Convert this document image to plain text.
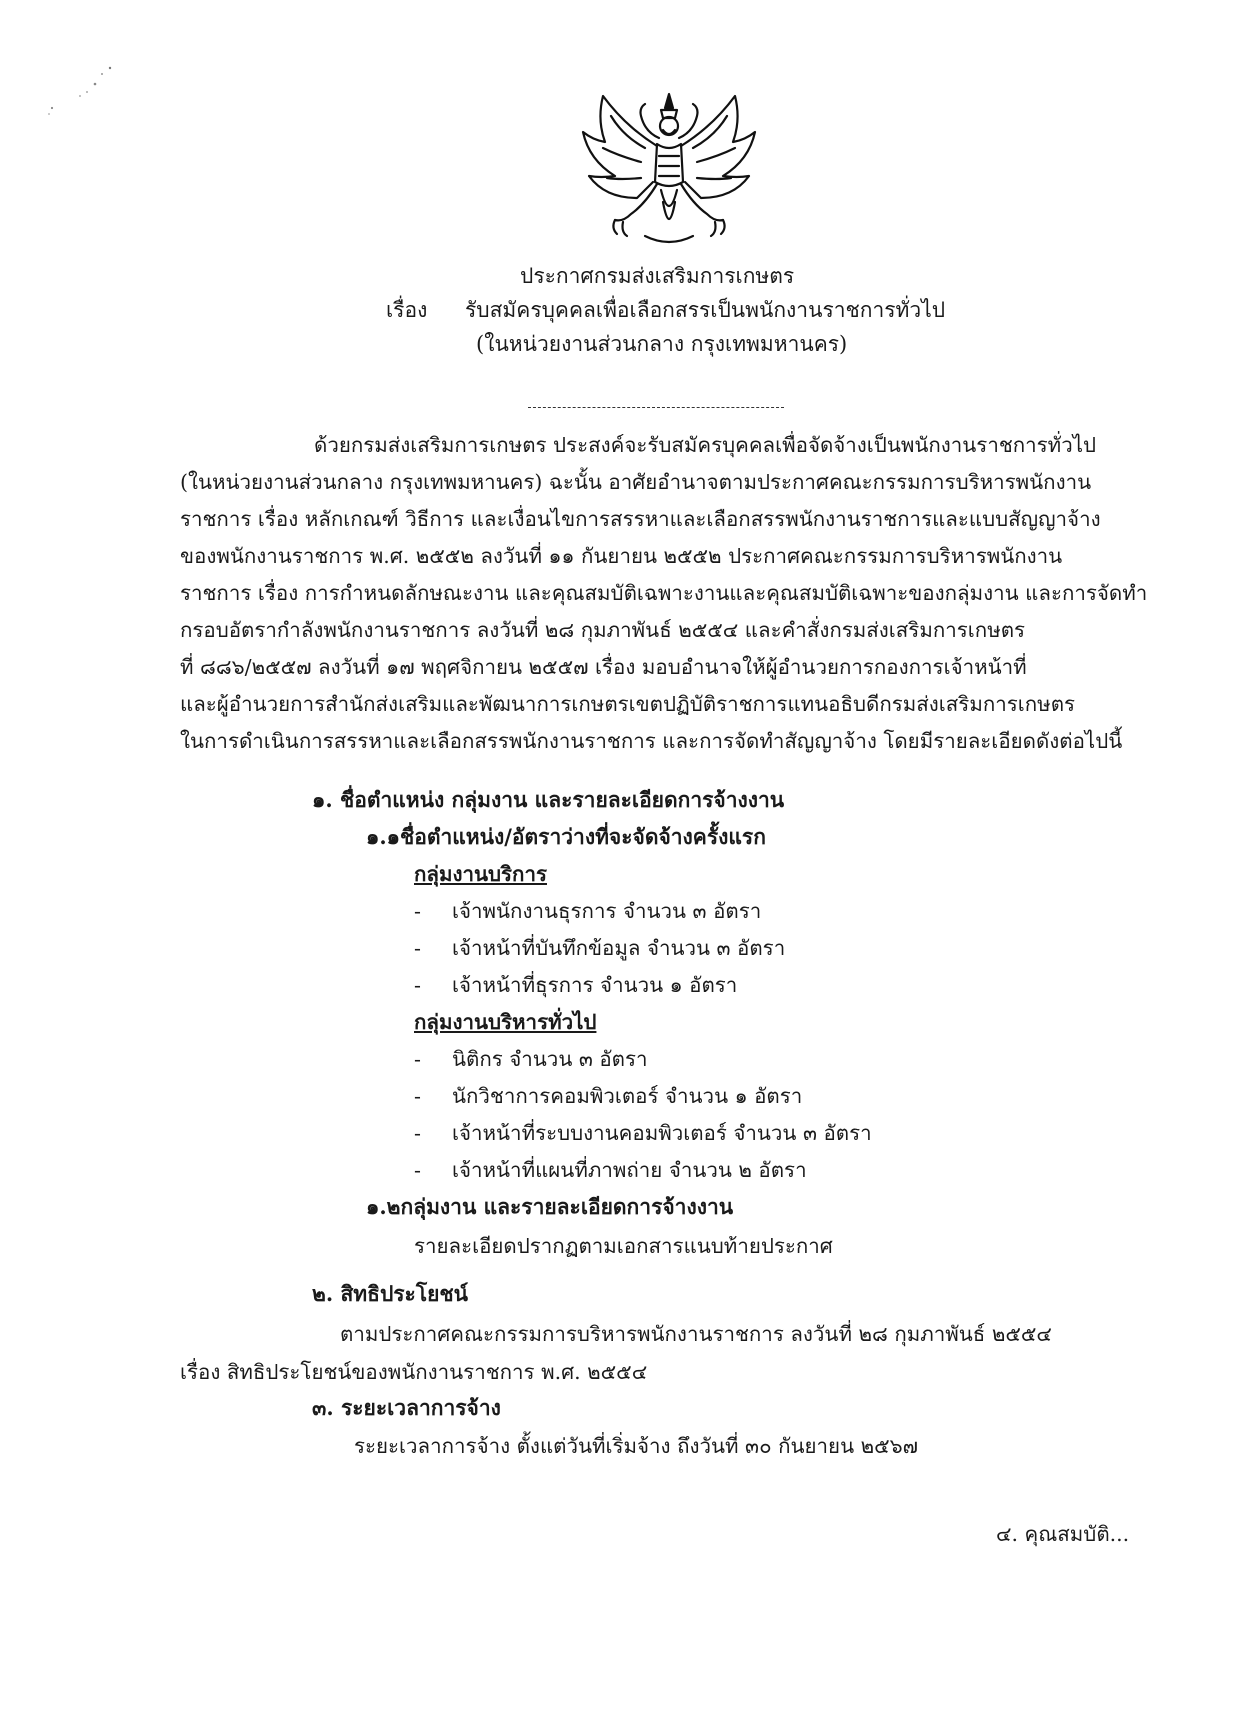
ประกาศกรมส่งเสริมการเกษตร
เรื่อง รับสมัครบุคคลเพื่อเลือกสรรเป็นพนักงานราชการทั่วไป
(ในหน่วยงานส่วนกลาง กรุงเทพมหานคร)
ด้วยกรมส่งเสริมการเกษตร ประสงค์จะรับสมัครบุคคลเพื่อจัดจ้างเป็นพนักงานราชการทั่วไป
(ในหน่วยงานส่วนกลาง กรุงเทพมหานคร) ฉะนั้น อาศัยอำนาจตามประกาศคณะกรรมการบริหารพนักงาน
ราชการ เรื่อง หลักเกณฑ์ วิธีการ และเงื่อนไขการสรรหาและเลือกสรรพนักงานราชการและแบบสัญญาจ้าง
ของพนักงานราชการ พ.ศ. ๒๕๕๒ ลงวันที่ ๑๑ กันยายน ๒๕๕๒ ประกาศคณะกรรมการบริหารพนักงาน
ราชการ เรื่อง การกำหนดลักษณะงาน และคุณสมบัติเฉพาะงานและคุณสมบัติเฉพาะของกลุ่มงาน และการจัดทำ
กรอบอัตรากำลังพนักงานราชการ ลงวันที่ ๒๘ กุมภาพันธ์ ๒๕๕๔ และคำสั่งกรมส่งเสริมการเกษตร
ที่ ๘๘๖/๒๕๕๗ ลงวันที่ ๑๗ พฤศจิกายน ๒๕๕๗ เรื่อง มอบอำนาจให้ผู้อำนวยการกองการเจ้าหน้าที่
และผู้อำนวยการสำนักส่งเสริมและพัฒนาการเกษตรเขตปฏิบัติราชการแทนอธิบดีกรมส่งเสริมการเกษตร
ในการดำเนินการสรรหาและเลือกสรรพนักงานราชการ และการจัดทำสัญญาจ้าง โดยมีรายละเอียดดังต่อไปนี้
๑. ชื่อตำแหน่ง กลุ่มงาน และรายละเอียดการจ้างงาน
๑.๑ชื่อตำแหน่ง/อัตราว่างที่จะจัดจ้างครั้งแรก
กลุ่มงานบริการ
- เจ้าพนักงานธุรการ จำนวน ๓ อัตรา
- เจ้าหน้าที่บันทึกข้อมูล จำนวน ๓ อัตรา
- เจ้าหน้าที่ธุรการ จำนวน ๑ อัตรา
กลุ่มงานบริหารทั่วไป
- นิติกร จำนวน ๓ อัตรา
- นักวิชาการคอมพิวเตอร์ จำนวน ๑ อัตรา
- เจ้าหน้าที่ระบบงานคอมพิวเตอร์ จำนวน ๓ อัตรา
- เจ้าหน้าที่แผนที่ภาพถ่าย จำนวน ๒ อัตรา
๑.๒กลุ่มงาน และรายละเอียดการจ้างงาน
รายละเอียดปรากฏตามเอกสารแนบท้ายประกาศ
๒. สิทธิประโยชน์
ตามประกาศคณะกรรมการบริหารพนักงานราชการ ลงวันที่ ๒๘ กุมภาพันธ์ ๒๕๕๔
เรื่อง สิทธิประโยชน์ของพนักงานราชการ พ.ศ. ๒๕๕๔
๓. ระยะเวลาการจ้าง
ระยะเวลาการจ้าง ตั้งแต่วันที่เริ่มจ้าง ถึงวันที่ ๓๐ กันยายน ๒๕๖๗
๔. คุณสมบัติ...
